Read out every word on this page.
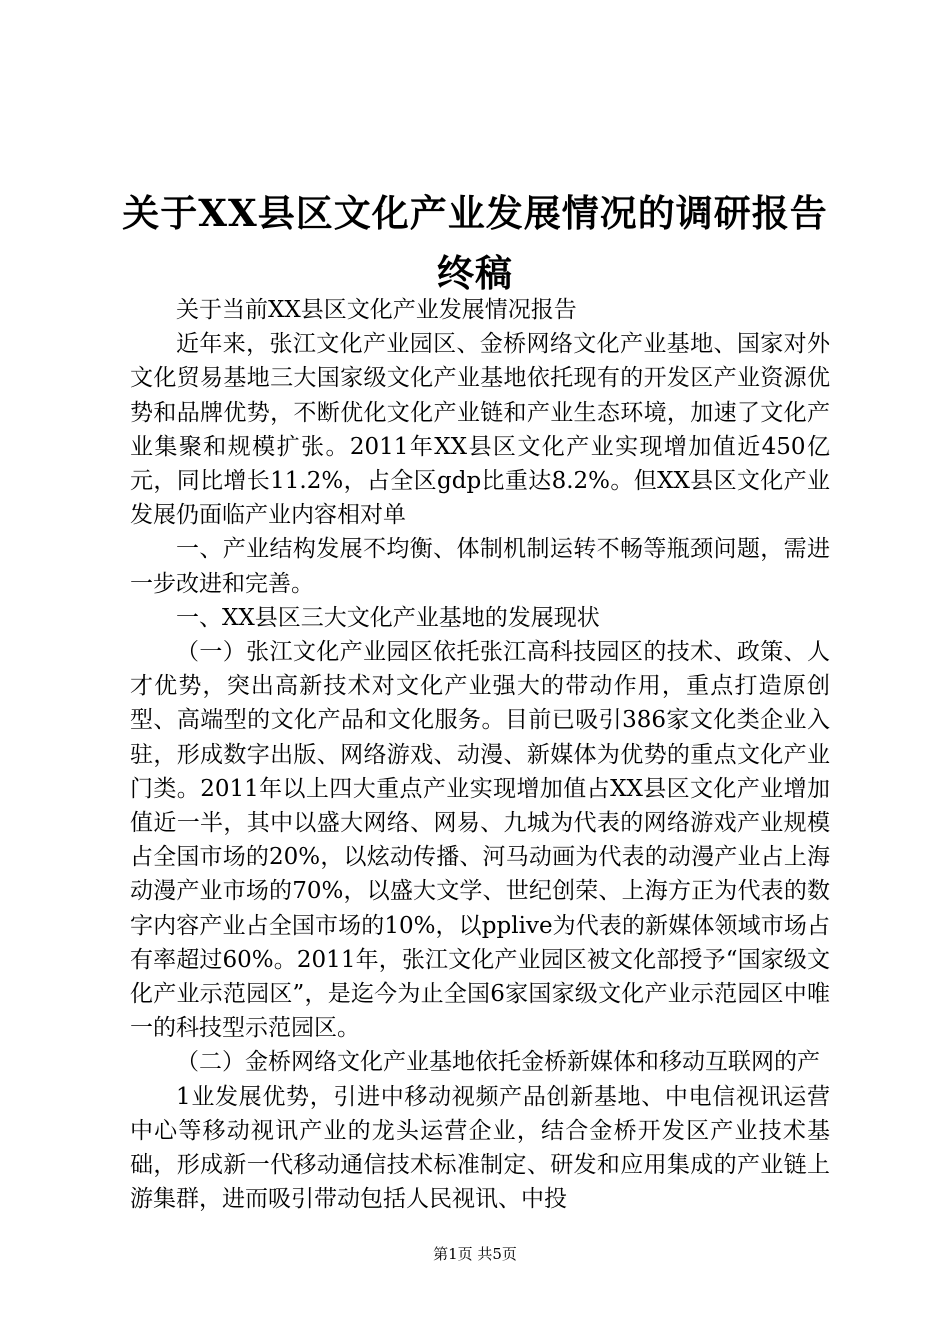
关于XX县区文化产业发展情况的调研报告终稿

关于当前XX县区文化产业发展情况报告

近年来，张江文化产业园区、金桥网络文化产业基地、国家对外文化贸易基地三大国家级文化产业基地依托现有的开发区产业资源优势和品牌优势，不断优化文化产业链和产业生态环境，加速了文化产业集聚和规模扩张。2011年XX县区文化产业实现增加值近450亿元，同比增长11.2%，占全区gdp比重达8.2%。但XX县区文化产业发展仍面临产业内容相对单

一、产业结构发展不均衡、体制机制运转不畅等瓶颈问题，需进一步改进和完善。

一、XX县区三大文化产业基地的发展现状

（一）张江文化产业园区依托张江高科技园区的技术、政策、人才优势，突出高新技术对文化产业强大的带动作用，重点打造原创型、高端型的文化产品和文化服务。目前已吸引386家文化类企业入驻，形成数字出版、网络游戏、动漫、新媒体为优势的重点文化产业门类。2011年以上四大重点产业实现增加值占XX县区文化产业增加值近一半，其中以盛大网络、网易、九城为代表的网络游戏产业规模占全国市场的20%，以炫动传播、河马动画为代表的动漫产业占上海动漫产业市场的70%，以盛大文学、世纪创荣、上海方正为代表的数字内容产业占全国市场的10%，以pplive为代表的新媒体领域市场占有率超过60%。2011年，张江文化产业园区被文化部授予“国家级文化产业示范园区”，是迄今为止全国6家国家级文化产业示范园区中唯一的科技型示范园区。

（二）金桥网络文化产业基地依托金桥新媒体和移动互联网的产

1业发展优势，引进中移动视频产品创新基地、中电信视讯运营中心等移动视讯产业的龙头运营企业，结合金桥开发区产业技术基础，形成新一代移动通信技术标准制定、研发和应用集成的产业链上游集群，进而吸引带动包括人民视讯、中投

第1页 共5页
